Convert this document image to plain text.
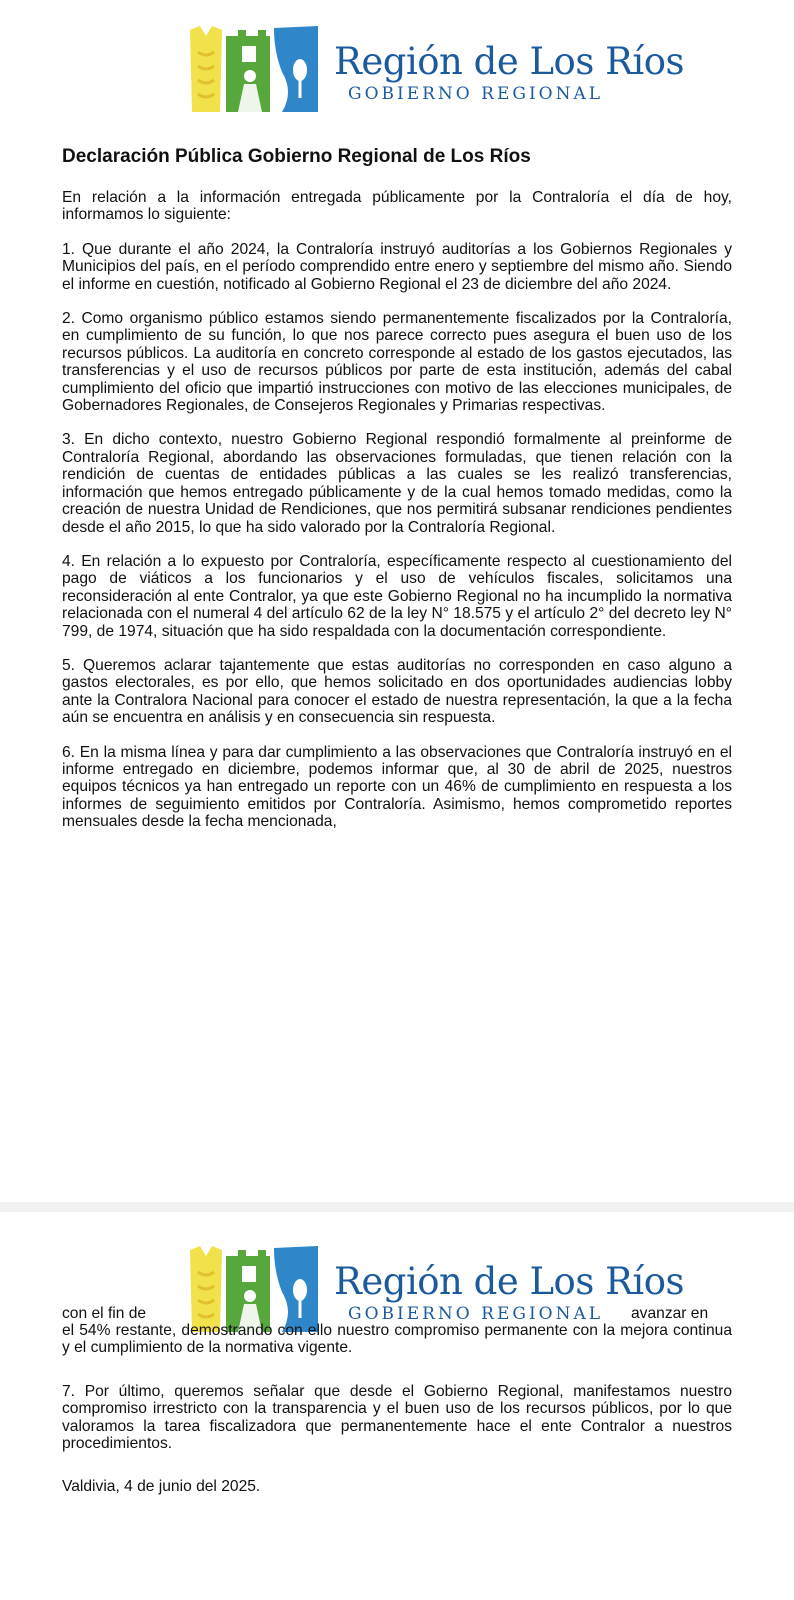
Región de Los Ríos
GOBIERNO REGIONAL
Declaración Pública Gobierno Regional de Los Ríos

En relación a la información entregada públicamente por la Contraloría el día de hoy, informamos lo siguiente:

1. Que durante el año 2024, la Contraloría instruyó auditorías a los Gobiernos Regionales y Municipios del país, en el período comprendido entre enero y septiembre del mismo año. Siendo el informe en cuestión, notificado al Gobierno Regional el 23 de diciembre del año 2024.

2. Como organismo público estamos siendo permanentemente fiscalizados por la Contraloría, en cumplimiento de su función, lo que nos parece correcto pues asegura el buen uso de los recursos públicos. La auditoría en concreto corresponde al estado de los gastos ejecutados, las transferencias y el uso de recursos públicos por parte de esta institución, además del cabal cumplimiento del oficio que impartió instrucciones con motivo de las elecciones municipales, de Gobernadores Regionales, de Consejeros Regionales y Primarias respectivas.

3. En dicho contexto, nuestro Gobierno Regional respondió formalmente al preinforme de Contraloría Regional, abordando las observaciones formuladas, que tienen relación con la rendición de cuentas de entidades públicas a las cuales se les realizó transferencias, información que hemos entregado públicamente y de la cual hemos tomado medidas, como la creación de nuestra Unidad de Rendiciones, que nos permitirá subsanar rendiciones pendientes desde el año 2015, lo que ha sido valorado por la Contraloría Regional.

4. En relación a lo expuesto por Contraloría, específicamente respecto al cuestionamiento del pago de viáticos a los funcionarios y el uso de vehículos fiscales, solicitamos una reconsideración al ente Contralor, ya que este Gobierno Regional no ha incumplido la normativa relacionada con el numeral 4 del artículo 62 de la ley N° 18.575 y el artículo 2° del decreto ley N° 799, de 1974, situación que ha sido respaldada con la documentación correspondiente.

5. Queremos aclarar tajantemente que estas auditorías no corresponden en caso alguno a gastos electorales, es por ello, que hemos solicitado en dos oportunidades audiencias lobby ante la Contralora Nacional para conocer el estado de nuestra representación, la que a la fecha aún se encuentra en análisis y en consecuencia sin respuesta.

6. En la misma línea y para dar cumplimiento a las observaciones que Contraloría instruyó en el informe entregado en diciembre, podemos informar que, al 30 de abril de 2025, nuestros equipos técnicos ya han entregado un reporte con un 46% de cumplimiento en respuesta a los informes de seguimiento emitidos por Contraloría. Asimismo, hemos comprometido reportes mensuales desde la fecha mencionada,

Región de Los Ríos
GOBIERNO REGIONAL
con el fin de	avanzar en

el 54% restante, demostrando con ello nuestro compromiso permanente con la mejora continua y el cumplimiento de la normativa vigente.

7. Por último, queremos señalar que desde el Gobierno Regional, manifestamos nuestro compromiso irrestricto con la transparencia y el buen uso de los recursos públicos, por lo que valoramos la tarea fiscalizadora que permanentemente hace el ente Contralor a nuestros procedimientos.

Valdivia, 4 de junio del 2025.
